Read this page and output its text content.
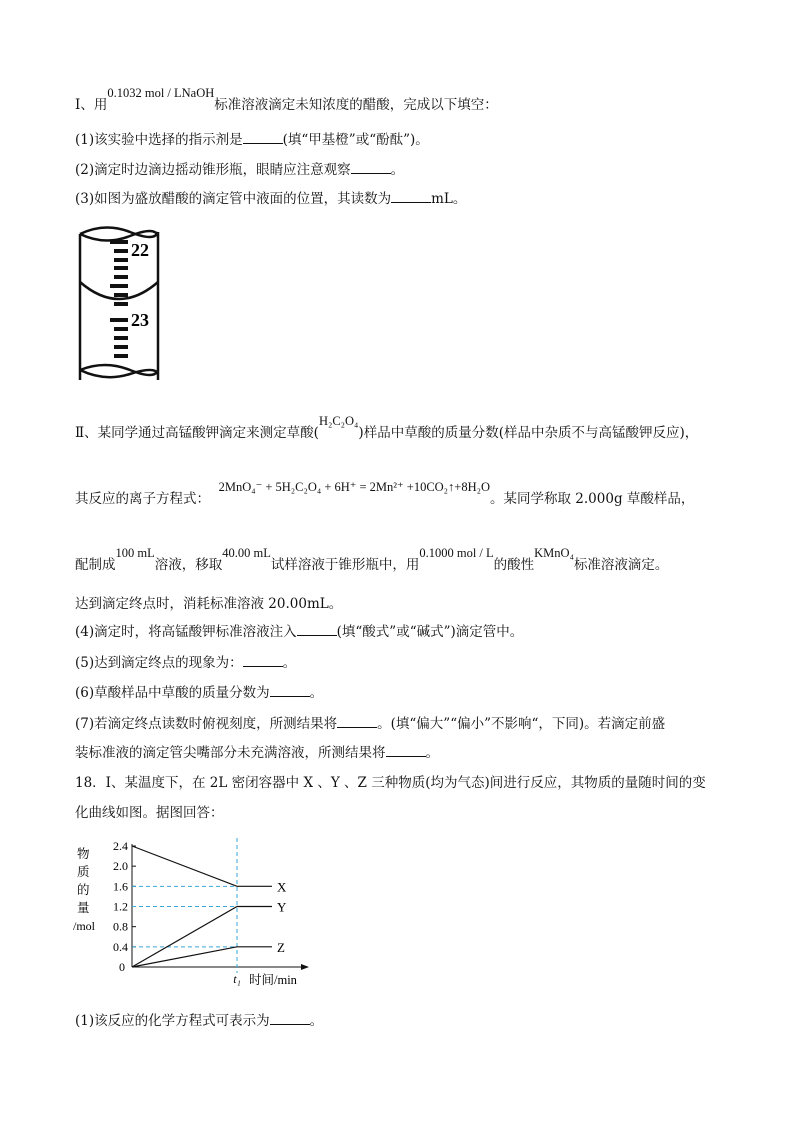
Ⅰ、用0.1032 mol / LNaOH标准溶液滴定未知浓度的醋酸，完成以下填空：
(1)该实验中选择的指示剂是	(填“甲基橙”或“酚酞”)。
(2)滴定时边滴边摇动锥形瓶，眼睛应注意观察	。
(3)如图为盛放醋酸的滴定管中液面的位置，其读数为	mL。
22
23
Ⅱ、某同学通过高锰酸钾滴定来测定草酸(H₂C₂O₄)样品中草酸的质量分数(样品中杂质不与高锰酸钾反应)，
其反应的离子方程式：  2MnO₄⁻ + 5H₂C₂O₄ + 6H⁺ = 2Mn²⁺ +10CO₂↑+8H₂O。某同学称取 2.000g 草酸样品，
配制成100 mL溶液，移取40.00 mL试样溶液于锥形瓶中，用0.1000 mol / L的酸性KMnO₄标准溶液滴定。
达到滴定终点时，消耗标准溶液 20.00mL。
(4)滴定时，将高锰酸钾标准溶液注入	(填“酸式”或“碱式”)滴定管中。
(5)达到滴定终点的现象为：	。
(6)草酸样品中草酸的质量分数为	。
(7)若滴定终点读数时俯视刻度，所测结果将	。(填“偏大”“偏小”不影响“，下同)。若滴定前盛
装标准液的滴定管尖嘴部分未充满溶液，所测结果将	。
18．Ⅰ、某温度下，在 2L 密闭容器中 X 、Y 、Z 三种物质(均为气态)间进行反应，其物质的量随时间的变
化曲线如图。据图回答：
物
质
的
量
/mol
0.4
0.8
1.2
1.6
2.0
2.4
0
t₁
X
Y
Z
时间/min
(1)该反应的化学方程式可表示为	。
